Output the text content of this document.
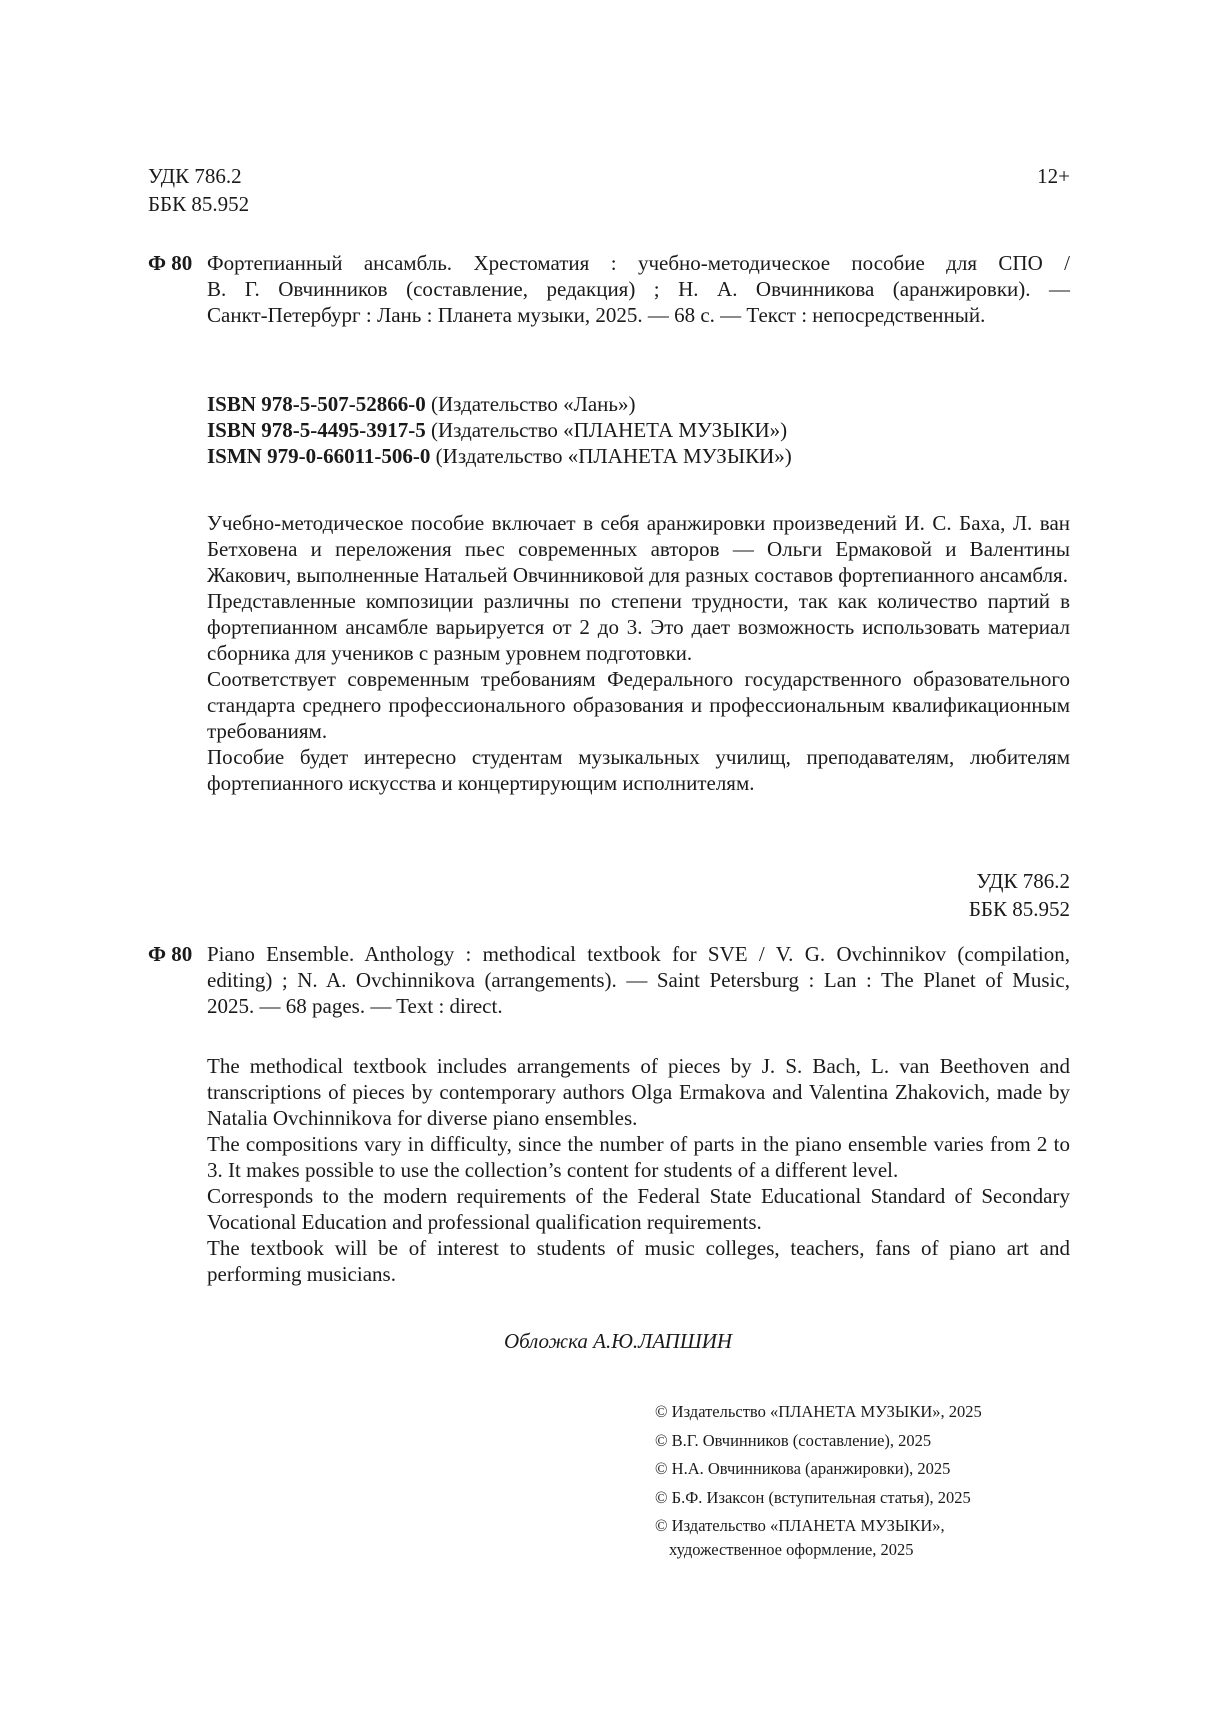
УДК 786.2
ББК 85.952
12+
Ф 80 Фортепианный ансамбль. Хрестоматия : учебно-методическое пособие для СПО /
В. Г. Овчинников (составление, редакция) ; Н. А. Овчинникова (аранжировки). —
Санкт-Петербург : Лань : Планета музыки, 2025. — 68 с. — Текст : непосредственный.
ISBN 978-5-507-52866-0 (Издательство «Лань»)
ISBN 978-5-4495-3917-5 (Издательство «ПЛАНЕТА МУЗЫКИ»)
ISMN 979-0-66011-506-0 (Издательство «ПЛАНЕТА МУЗЫКИ»)

Учебно-методическое пособие включает в себя аранжировки произведений И. С. Баха, Л. ван Бетховена и переложения пьес современных авторов — Ольги Ермаковой и Валентины Жакович, выполненные Натальей Овчинниковой для разных составов фортепианного ансамбля.

Представленные композиции различны по степени трудности, так как количество партий в фортепианном ансамбле варьируется от 2 до 3. Это дает возможность использовать материал сборника для учеников с разным уровнем подготовки.

Соответствует современным требованиям Федерального государственного образовательного стандарта среднего профессионального образования и профессиональным квалификационным требованиям.

Пособие будет интересно студентам музыкальных училищ, преподавателям, любителям фортепианного искусства и концертирующим исполнителям.

УДК 786.2
ББК 85.952
Ф 80 Piano Ensemble. Anthology : methodical textbook for SVE / V. G. Ovchinnikov (compilation,
editing) ; N. A. Ovchinnikova (arrangements). — Saint Petersburg : Lan : The Planet of Music,
2025. — 68 pages. — Text : direct.

The methodical textbook includes arrangements of pieces by J. S. Bach, L. van Beethoven and transcriptions of pieces by contemporary authors Olga Ermakova and Valentina Zhakovich, made by Natalia Ovchinnikova for diverse piano ensembles.

The compositions vary in difficulty, since the number of parts in the piano ensemble varies from 2 to 3. It makes possible to use the collection’s content for students of a different level.

Corresponds to the modern requirements of the Federal State Educational Standard of Secondary Vocational Education and professional qualification requirements.

The textbook will be of interest to students of music colleges, teachers, fans of piano art and performing musicians.

Обложка А.Ю.ЛАПШИН
© Издательство «ПЛАНЕТА МУЗЫКИ», 2025
© В.Г. Овчинников (составление), 2025
© Н.А. Овчинникова (аранжировки), 2025
© Б.Ф. Изаксон (вступительная статья), 2025
© Издательство «ПЛАНЕТА МУЗЫКИ»,
художественное оформление, 2025
